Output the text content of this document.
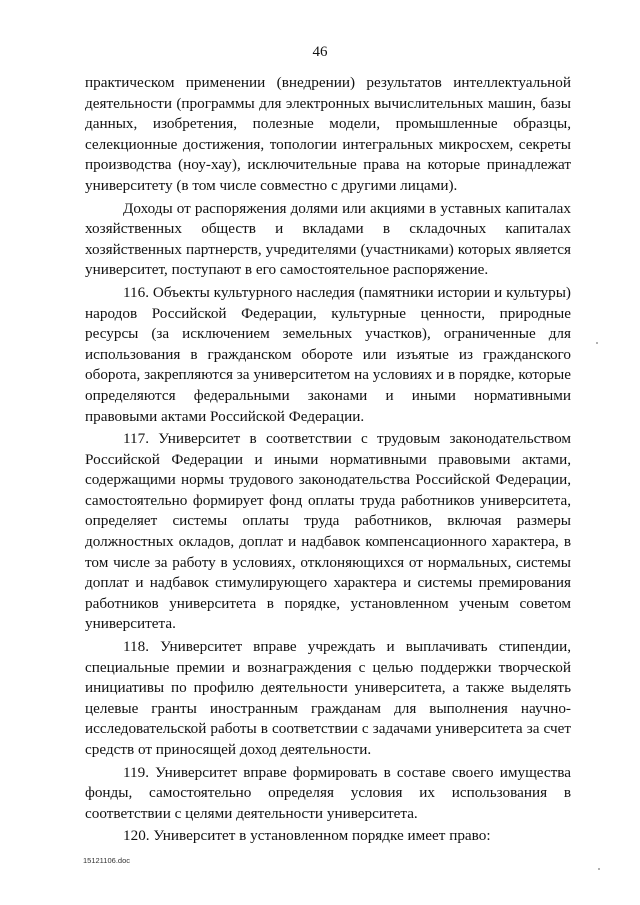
46

практическом применении (внедрении) результатов интеллектуальной деятельности (программы для электронных вычислительных машин, базы данных, изобретения, полезные модели, промышленные образцы, селекционные достижения, топологии интегральных микросхем, секреты производства (ноу-хау), исключительные права на которые принадлежат университету (в том числе совместно с другими лицами).

Доходы от распоряжения долями или акциями в уставных капиталах хозяйственных обществ и вкладами в складочных капиталах хозяйственных партнерств, учредителями (участниками) которых является университет, поступают в его самостоятельное распоряжение.

116. Объекты культурного наследия (памятники истории и культуры) народов Российской Федерации, культурные ценности, природные ресурсы (за исключением земельных участков), ограниченные для использования в гражданском обороте или изъятые из гражданского оборота, закрепляются за университетом на условиях и в порядке, которые определяются федеральными законами и иными нормативными правовыми актами Российской Федерации.

117. Университет в соответствии с трудовым законодательством Российской Федерации и иными нормативными правовыми актами, содержащими нормы трудового законодательства Российской Федерации, самостоятельно формирует фонд оплаты труда работников университета, определяет системы оплаты труда работников, включая размеры должностных окладов, доплат и надбавок компенсационного характера, в том числе за работу в условиях, отклоняющихся от нормальных, системы доплат и надбавок стимулирующего характера и системы премирования работников университета в порядке, установленном ученым советом университета.

118. Университет вправе учреждать и выплачивать стипендии, специальные премии и вознаграждения с целью поддержки творческой инициативы по профилю деятельности университета, а также выделять целевые гранты иностранным гражданам для выполнения научно-исследовательской работы в соответствии с задачами университета за счет средств от приносящей доход деятельности.

119. Университет вправе формировать в составе своего имущества фонды, самостоятельно определяя условия их использования в соответствии с целями деятельности университета.

120. Университет в установленном порядке имеет право:

15121106.doc
